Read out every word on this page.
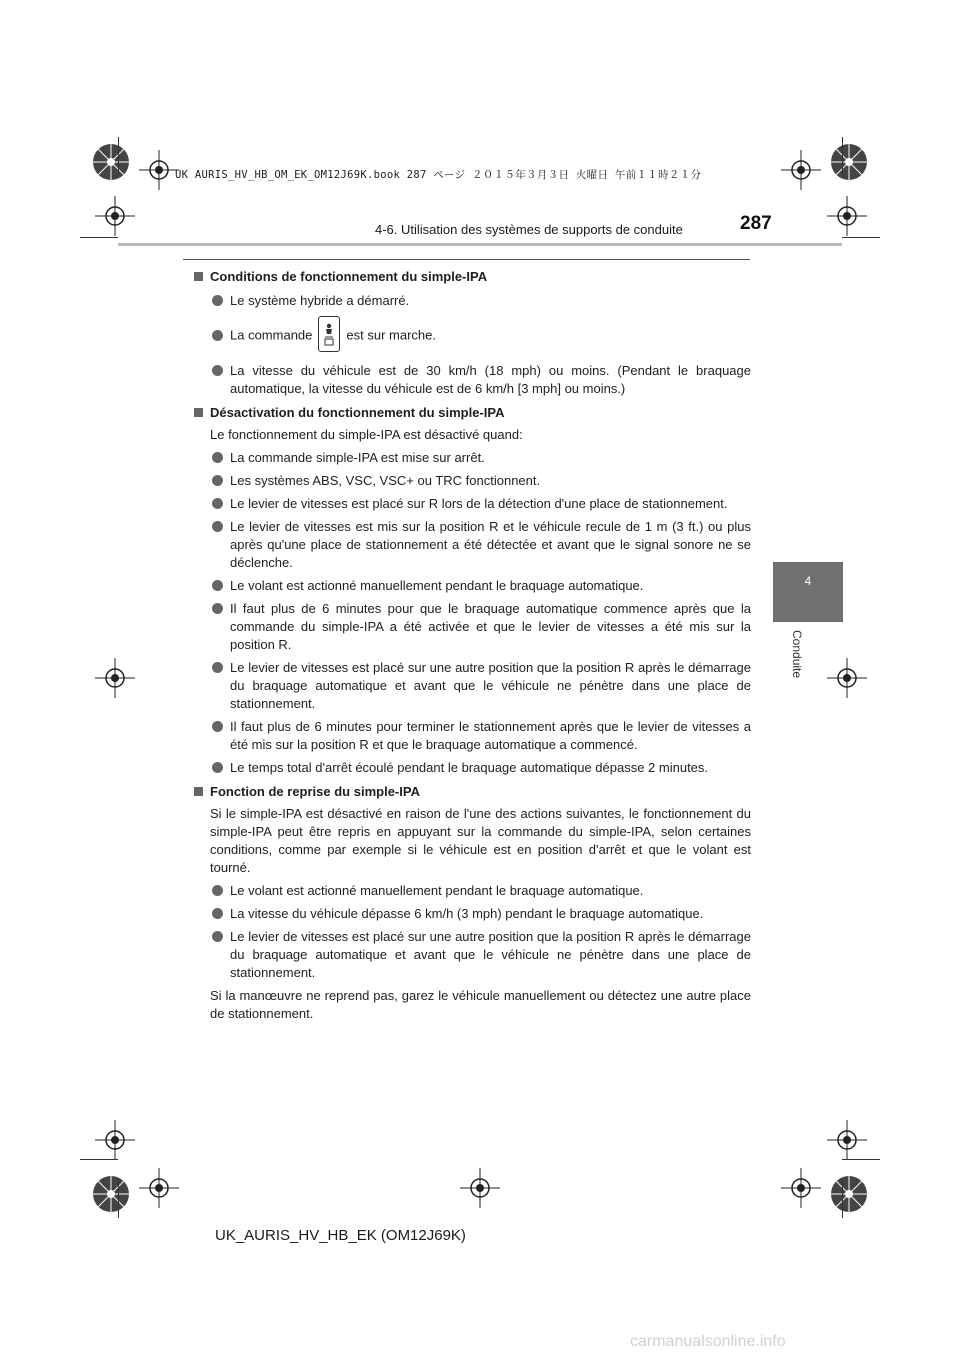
UK AURIS_HV_HB_OM_EK_OM12J69K.book 287 ページ ２０１５年３月３日 火曜日 午前１１時２１分
4-6. Utilisation des systèmes de supports de conduite	287
4
Conduite
Conditions de fonctionnement du simple-IPA
Le système hybride a démarré.
La commande	est sur marche.
La vitesse du véhicule est de 30 km/h (18 mph) ou moins. (Pendant le braquage automatique, la vitesse du véhicule est de 6 km/h [3 mph] ou moins.)
Désactivation du fonctionnement du simple-IPA
Le fonctionnement du simple-IPA est désactivé quand:
La commande simple-IPA est mise sur arrêt.
Les systèmes ABS, VSC, VSC+ ou TRC fonctionnent.
Le levier de vitesses est placé sur R lors de la détection d'une place de stationnement.
Le levier de vitesses est mis sur la position R et le véhicule recule de 1 m (3 ft.) ou plus après qu'une place de stationnement a été détectée et avant que le signal sonore ne se déclenche.
Le volant est actionné manuellement pendant le braquage automatique.
Il faut plus de 6 minutes pour que le braquage automatique commence après que la commande du simple-IPA a été activée et que le levier de vitesses a été mis sur la position R.
Le levier de vitesses est placé sur une autre position que la position R après le démarrage du braquage automatique et avant que le véhicule ne pénètre dans une place de stationnement.
Il faut plus de 6 minutes pour terminer le stationnement après que le levier de vitesses a été mis sur la position R et que le braquage automatique a commencé.
Le temps total d'arrêt écoulé pendant le braquage automatique dépasse 2 minutes.
Fonction de reprise du simple-IPA
Si le simple-IPA est désactivé en raison de l'une des actions suivantes, le fonctionnement du simple-IPA peut être repris en appuyant sur la commande du simple-IPA, selon certaines conditions, comme par exemple si le véhicule est en position d'arrêt et que le volant est tourné.
Le volant est actionné manuellement pendant le braquage automatique.
La vitesse du véhicule dépasse 6 km/h (3 mph) pendant le braquage automatique.
Le levier de vitesses est placé sur une autre position que la position R après le démarrage du braquage automatique et avant que le véhicule ne pénètre dans une place de stationnement.
Si la manœuvre ne reprend pas, garez le véhicule manuellement ou détectez une autre place de stationnement.
UK_AURIS_HV_HB_EK (OM12J69K)
carmanualsonline.info
